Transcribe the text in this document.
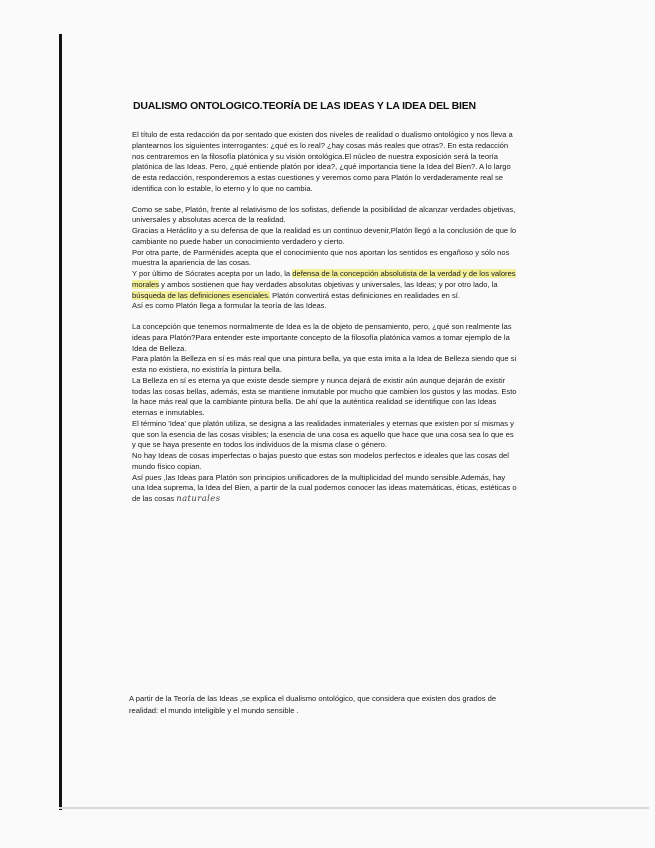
DUALISMO ONTOLOGICO.TEORÍA DE LAS IDEAS Y LA IDEA DEL BIEN

El título de esta redacción da por sentado que existen dos niveles de realidad o dualismo ontológico y nos lleva a plantearnos los siguientes interrogantes: ¿qué es lo real? ¿hay cosas más reales que otras?. En esta redacción nos centraremos en la filosofía platónica y su visión ontológica.El núcleo de nuestra exposición será la teoría platónica de las Ideas. Pero, ¿qué entiende platón por idea?, ¿qué importancia tiene la Idea del Bien?. A lo largo de esta redacción, responderemos a estas cuestiones y veremos como para Platón lo verdaderamente real se identifica con lo estable, lo eterno y lo que no cambia.

Como se sabe, Platón, frente al relativismo de los sofistas, defiende la posibilidad de alcanzar verdades objetivas, universales y absolutas acerca de la realidad.

Gracias a Heráclito y a su defensa de que la realidad es un continuo devenir,Platón llegó a la conclusión de que lo cambiante no puede haber un conocimiento verdadero y cierto.

Por otra parte, de Parménides acepta que el conocimiento que nos aportan los sentidos es engañoso y sólo nos muestra la apariencia de las cosas.

Y por último de Sócrates acepta por un lado, la defensa de la concepción absolutista de la verdad y de los valores morales y ambos sostienen que hay verdades absolutas objetivas y universales, las Ideas; y por otro lado, la búsqueda de las definiciones esenciales. Platón convertirá estas definiciones en realidades en sí.

Así es como Platón llega a formular la teoría de las Ideas.

La concepción que tenemos normalmente de Idea es la de objeto de pensamiento, pero, ¿qué son realmente las ideas para Platón?Para entender este importante concepto de la filosofía platónica vamos a tomar ejemplo de la Idea de Belleza.

Para platón la Belleza en sí es más real que una pintura bella, ya que esta imita a la Idea de Belleza siendo que si esta no existiera, no existiría la pintura bella.

La Belleza en sí es eterna ya que existe desde siempre y nunca dejará de existir aún aunque dejarán de existir todas las cosas bellas, además, esta se mantiene inmutable por mucho que cambien los gustos y las modas. Esto la hace más real que la cambiante pintura bella. De ahí que la auténtica realidad se identifique con las Ideas eternas e inmutables.

El término 'Idea' que platón utiliza, se designa a las realidades inmateriales y eternas que existen por sí mismas y que son la esencia de las cosas visibles; la esencia de una cosa es aquello que hace que una cosa sea lo que es y que se haya presente en todos los individuos de la misma clase o género.

No hay Ideas de cosas imperfectas o bajas puesto que estas son modelos perfectos e ideales que las cosas del mundo físico copian.

Así pues ,las Ideas para Platón son principios unificadores de la multiplicidad del mundo sensible.Además, hay una Idea suprema, la Idea del Bien, a partir de la cual podemos conocer las ideas matemáticas, éticas, estéticas o de las cosas naturales

A partir de la Teoría de las Ideas ,se explica el dualismo ontológico, que considera que existen dos grados de realidad: el mundo inteligible y el mundo sensible .
